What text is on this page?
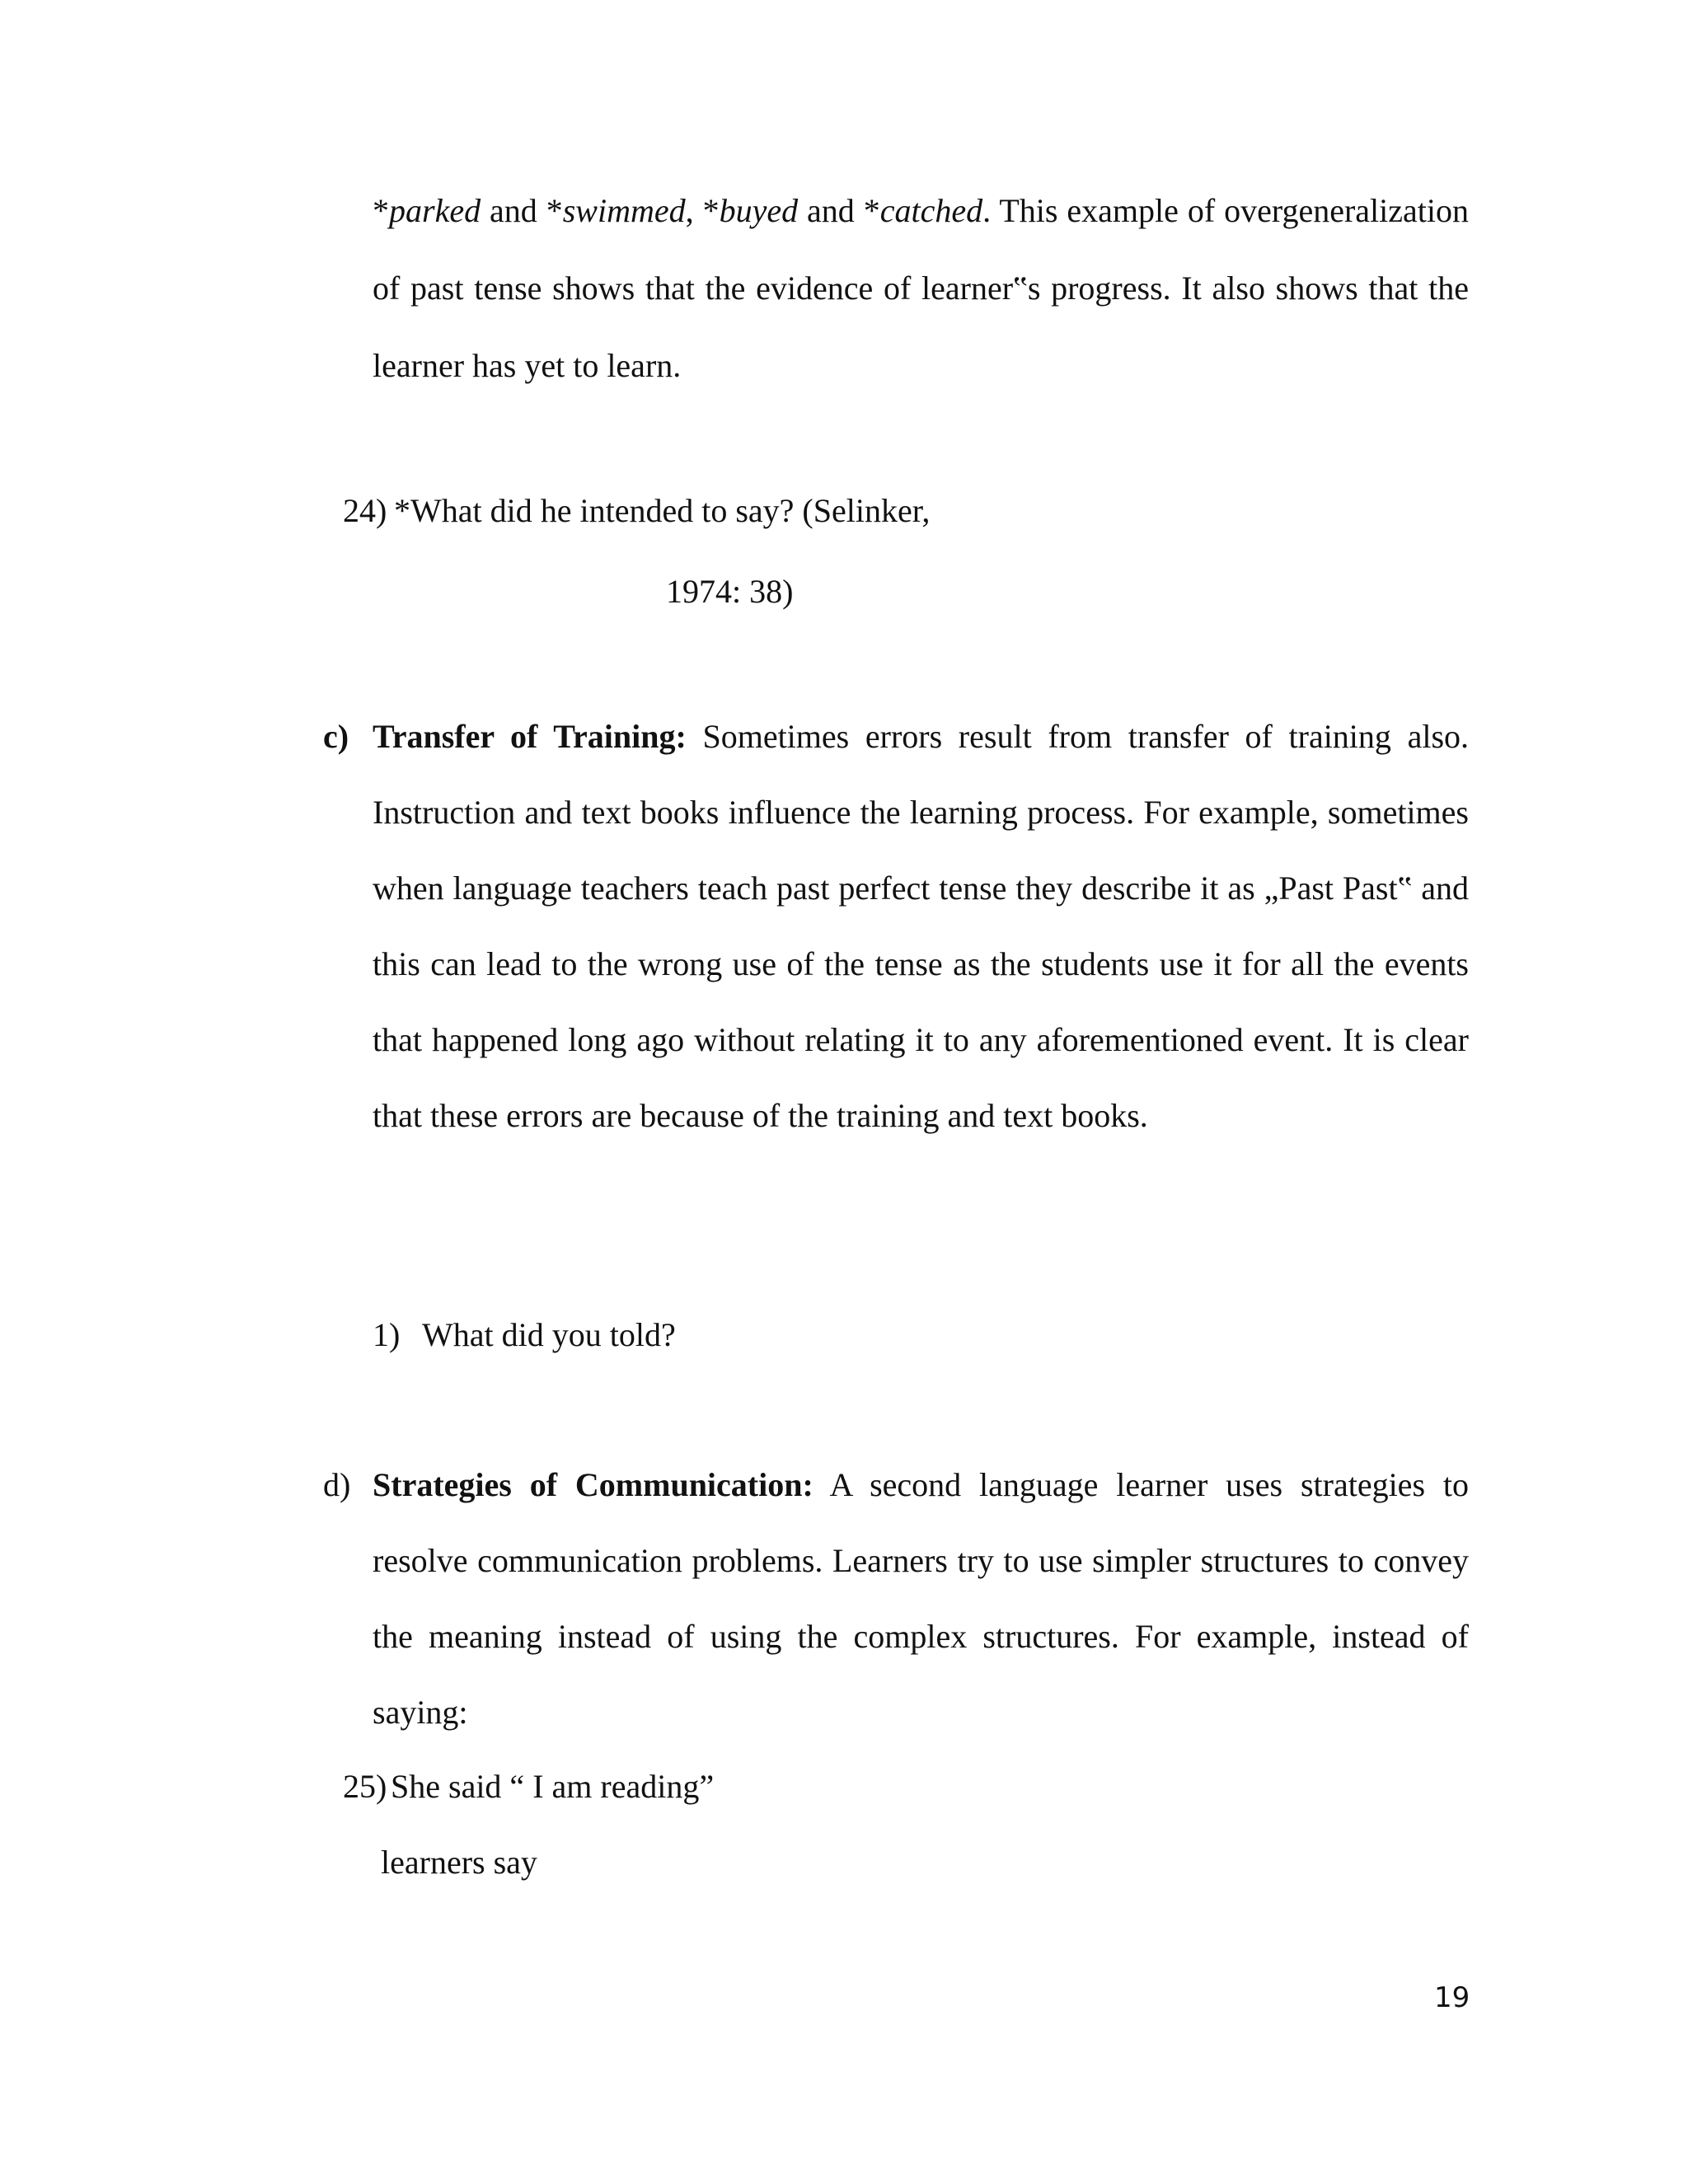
*parked and *swimmed, *buyed and *catched. This example of overgeneralization
of past tense shows that the evidence of learner‟s progress. It also shows that the
learner has yet to learn.
24) *What did he intended to say? (Selinker,
1974: 38)
c) Transfer of Training: Sometimes errors result from transfer of training also.
Instruction and text books influence the learning process. For example, sometimes
when language teachers teach past perfect tense they describe it as „Past Past‟ and
this can lead to the wrong use of the tense as the students use it for all the events
that happened long ago without relating it to any aforementioned event. It is clear
that these errors are because of the training and text books.
1) What did you told?
d) Strategies of Communication: A second language learner uses strategies to
resolve communication problems. Learners try to use simpler structures to convey
the meaning instead of using the complex structures. For example, instead of
saying:
25) She said “ I am reading”
learners say
19
